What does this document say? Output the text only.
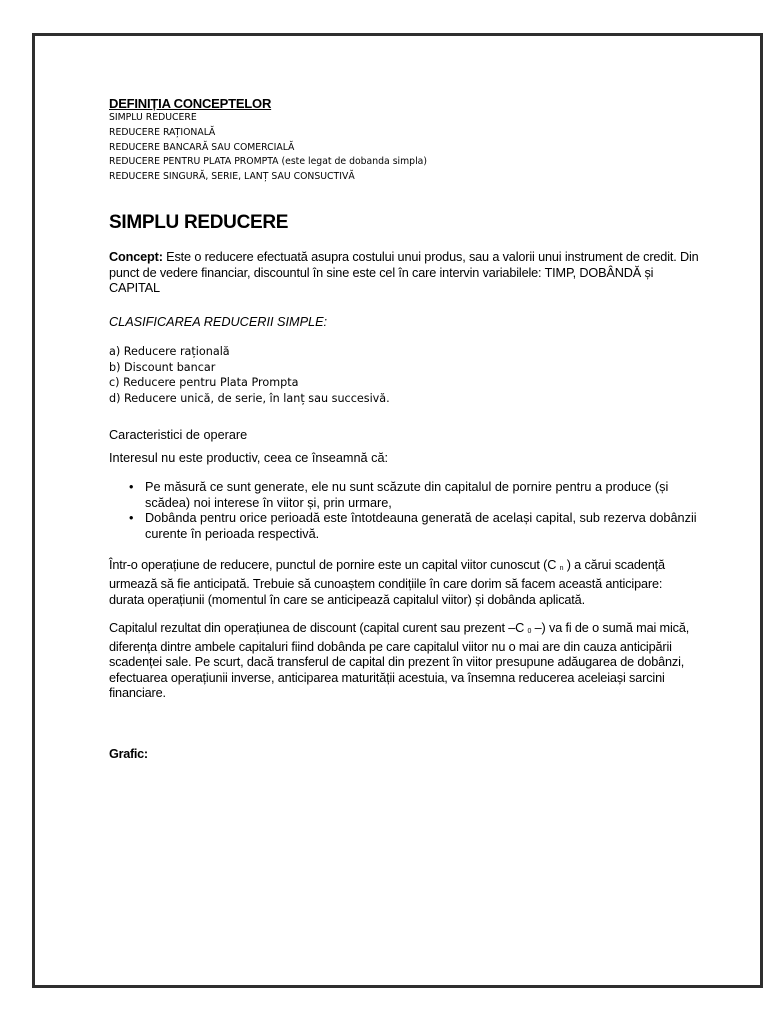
DEFINIȚIA CONCEPTELOR

SIMPLU REDUCERE
REDUCERE RAȚIONALĂ
REDUCERE BANCARĂ SAU COMERCIALĂ
REDUCERE PENTRU PLATA PROMPTA (este legat de dobanda simpla)
REDUCERE SINGURĂ, SERIE, LANȚ SAU CONSUCTIVĂ
SIMPLU REDUCERE

Concept: Este o reducere efectuată asupra costului unui produs, sau a valorii unui instrument de credit. Din punct de vedere financiar, discountul în sine este cel în care intervin variabilele: TIMP, DOBÂNDĂ și CAPITAL

CLASIFICAREA REDUCERII SIMPLE:

a) Reducere rațională
b) Discount bancar
c) Reducere pentru Plata Prompta
d) Reducere unică, de serie, în lanț sau succesivă.

Caracteristici de operare

Interesul nu este productiv, ceea ce înseamnă că:

• Pe măsură ce sunt generate, ele nu sunt scăzute din capitalul de pornire pentru a produce (și scădea) noi interese în viitor și, prin urmare,
• Dobânda pentru orice perioadă este întotdeauna generată de același capital, sub rezerva dobânzii curente în perioada respectivă.

Într-o operațiune de reducere, punctul de pornire este un capital viitor cunoscut (C $_n$ ) a cărui scadență urmează să fie anticipată. Trebuie să cunoaștem condițiile în care dorim să facem această anticipare: durata operațiunii (momentul în care se anticipează capitalul viitor) și dobânda aplicată.

Capitalul rezultat din operațiunea de discount (capital curent sau prezent –C $_0$ –) va fi de o sumă mai mică, diferența dintre ambele capitaluri fiind dobânda pe care capitalul viitor nu o mai are din cauza anticipării scadenței sale. Pe scurt, dacă transferul de capital din prezent în viitor presupune adăugarea de dobânzi, efectuarea operațiunii inverse, anticiparea maturității acestuia, va însemna reducerea aceleiași sarcini financiare.

Grafic:
